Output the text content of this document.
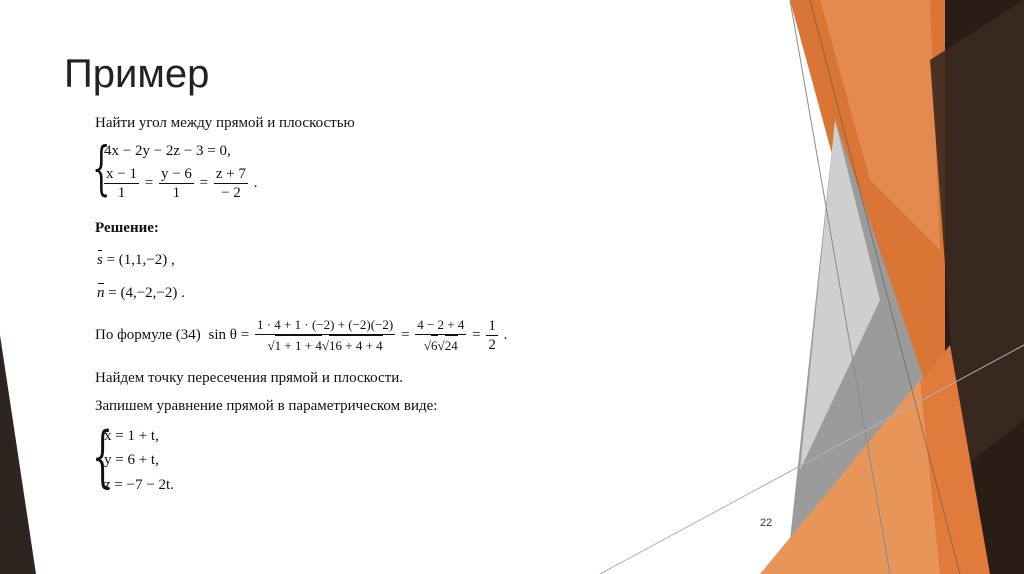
Пример
Найти угол между прямой и плоскостью
{
4x − 2y − 2z − 3 = 0,
$\frac{x - 1}{1} = \frac{y - 6}{1} = \frac{z + 7}{- 2}$ .
Решение:
s = (1,1,−2) ,
n = (4,−2,−2) .
По формуле (34) $\sin \theta = \frac{1 \cdot 4 + 1 \cdot (-2) + (-2)(-2)}{√1 + 1 + 4√16 + 4 + 4} = \frac{4 - 2 + 4}{√6√24} = \frac{1}{2}$ .
Найдем точку пересечения прямой и плоскости.
Запишем уравнение прямой в параметрическом виде:
{
x = 1 + t,
y = 6 + t,
z = −7 − 2t.
22
